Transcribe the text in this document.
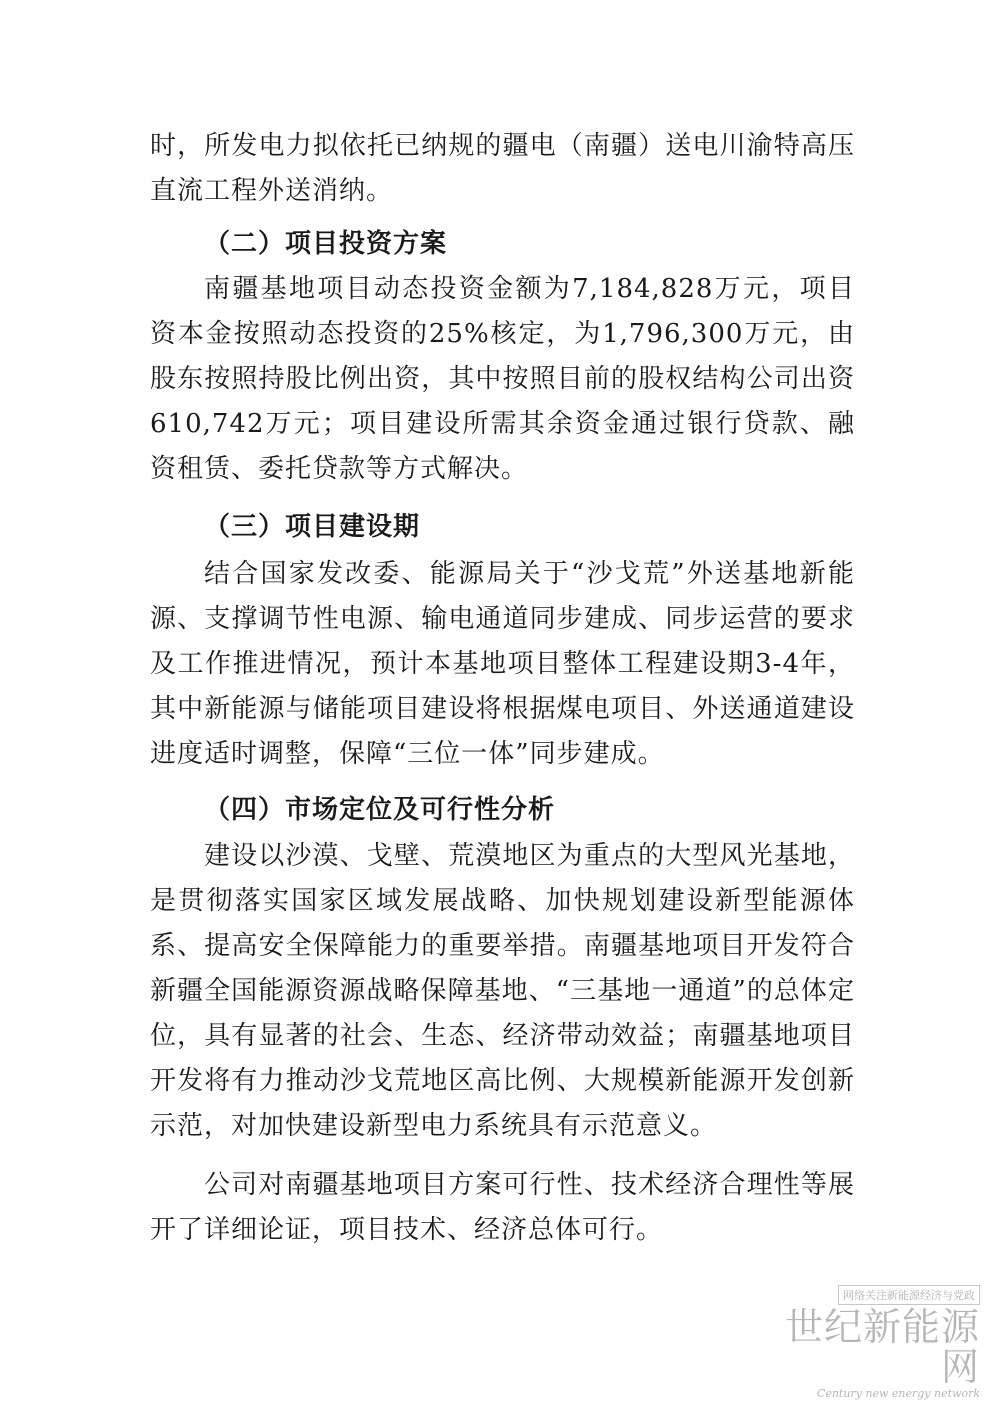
时，所发电力拟依托已纳规的疆电（南疆）送电川渝特高压直流工程外送消纳。

（二）项目投资方案

南疆基地项目动态投资金额为7,184,828万元，项目资本金按照动态投资的25%核定，为1,796,300万元，由股东按照持股比例出资，其中按照目前的股权结构公司出资610,742万元；项目建设所需其余资金通过银行贷款、融资租赁、委托贷款等方式解决。

（三）项目建设期

结合国家发改委、能源局关于“沙戈荒”外送基地新能源、支撑调节性电源、输电通道同步建成、同步运营的要求及工作推进情况，预计本基地项目整体工程建设期3-4年，其中新能源与储能项目建设将根据煤电项目、外送通道建设进度适时调整，保障“三位一体”同步建成。

（四）市场定位及可行性分析

建设以沙漠、戈壁、荒漠地区为重点的大型风光基地，是贯彻落实国家区域发展战略、加快规划建设新型能源体系、提高安全保障能力的重要举措。南疆基地项目开发符合新疆全国能源资源战略保障基地、“三基地一通道”的总体定位，具有显著的社会、生态、经济带动效益；南疆基地项目开发将有力推动沙戈荒地区高比例、大规模新能源开发创新示范，对加快建设新型电力系统具有示范意义。

公司对南疆基地项目方案可行性、技术经济合理性等展开了详细论证，项目技术、经济总体可行。

网络关注新能源经济与党政
世纪新能源网
Century new energy network
